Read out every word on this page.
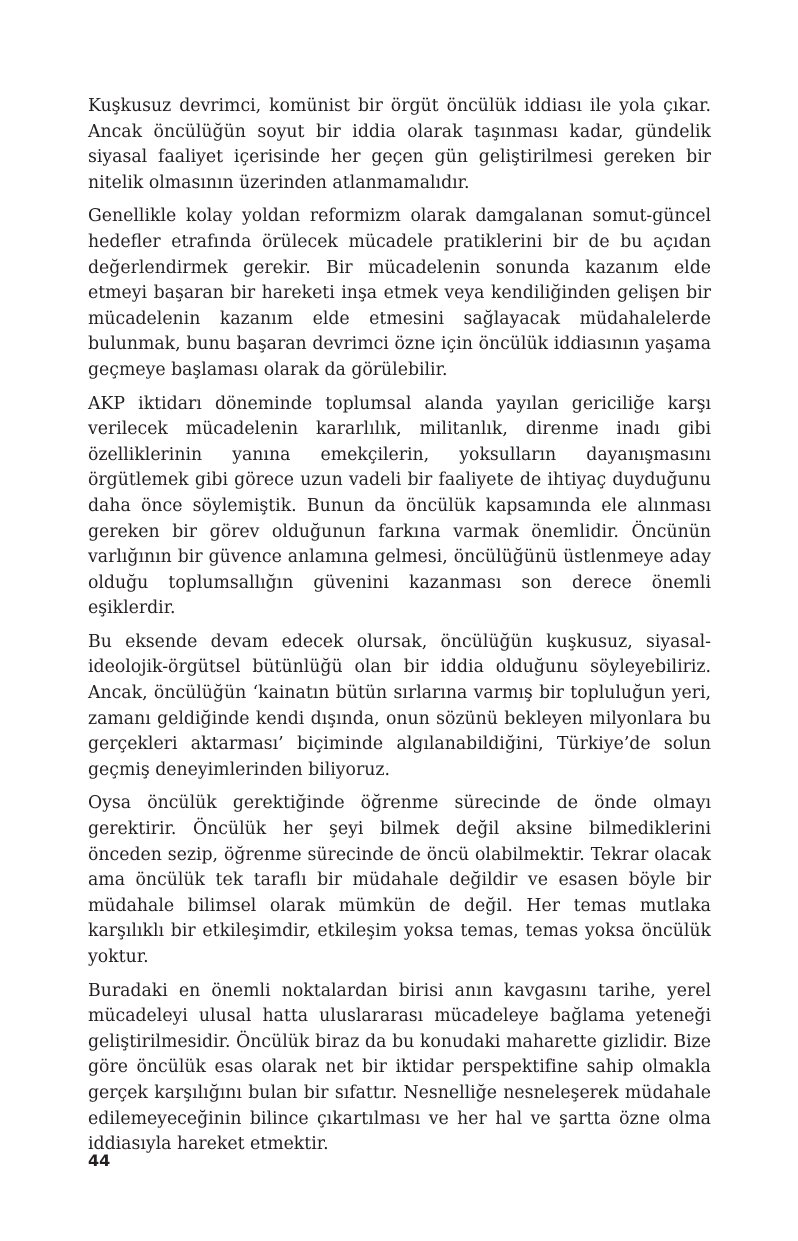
Kuşkusuz devrimci, komünist bir örgüt öncülük iddiası ile yola çıkar. Ancak öncülüğün soyut bir iddia olarak taşınması kadar, gündelik siyasal faaliyet içerisinde her geçen gün geliştirilmesi gereken bir nitelik olmasının üzerinden atlanmamalıdır.

Genellikle kolay yoldan reformizm olarak damgalanan somut-güncel hedefler etrafında örülecek mücadele pratiklerini bir de bu açıdan değerlendirmek gerekir. Bir mücadelenin sonunda kazanım elde etmeyi başaran bir hareketi inşa etmek veya kendiliğinden gelişen bir mücadelenin kazanım elde etmesini sağlayacak müdahalelerde bulunmak, bunu başaran devrimci özne için öncülük iddiasının yaşama geçmeye başlaması olarak da görülebilir.

AKP iktidarı döneminde toplumsal alanda yayılan gericiliğe karşı verilecek mücadelenin kararlılık, militanlık, direnme inadı gibi özelliklerinin yanına emekçilerin, yoksulların dayanışmasını örgütlemek gibi görece uzun vadeli bir faaliyete de ihtiyaç duyduğunu daha önce söylemiştik. Bunun da öncülük kapsamında ele alınması gereken bir görev olduğunun farkına varmak önemlidir. Öncünün varlığının bir güvence anlamına gelmesi, öncülüğünü üstlenmeye aday olduğu toplumsallığın güvenini kazanması son derece önemli eşiklerdir.

Bu eksende devam edecek olursak, öncülüğün kuşkusuz, siyasal-ideolojik-örgütsel bütünlüğü olan bir iddia olduğunu söyleyebiliriz. Ancak, öncülüğün ‘kainatın bütün sırlarına varmış bir topluluğun yeri, zamanı geldiğinde kendi dışında, onun sözünü bekleyen milyonlara bu gerçekleri aktarması’ biçiminde algılanabildiğini, Türkiye’de solun geçmiş deneyimlerinden biliyoruz.

Oysa öncülük gerektiğinde öğrenme sürecinde de önde olmayı gerektirir. Öncülük her şeyi bilmek değil aksine bilmediklerini önceden sezip, öğrenme sürecinde de öncü olabilmektir. Tekrar olacak ama öncülük tek taraflı bir müdahale değildir ve esasen böyle bir müdahale bilimsel olarak mümkün de değil. Her temas mutlaka karşılıklı bir etkileşimdir, etkileşim yoksa temas, temas yoksa öncülük yoktur.

Buradaki en önemli noktalardan birisi anın kavgasını tarihe, yerel mücadeleyi ulusal hatta uluslararası mücadeleye bağlama yeteneği geliştirilmesidir. Öncülük biraz da bu konudaki maharette gizlidir. Bize göre öncülük esas olarak net bir iktidar perspektifine sahip olmakla gerçek karşılığını bulan bir sıfattır. Nesnelliğe nesneleşerek müdahale edilemeyeceğinin bilince çıkartılması ve her hal ve şartta özne olma iddiasıyla hareket etmektir.

44
